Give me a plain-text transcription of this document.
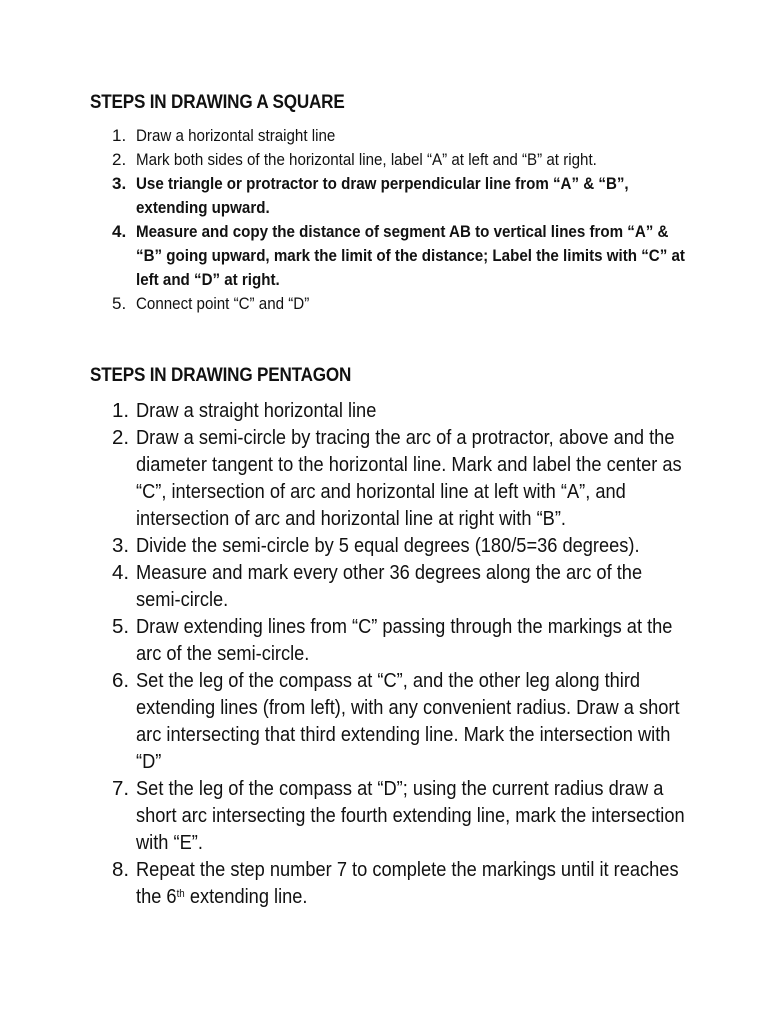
STEPS IN DRAWING A SQUARE
1. Draw a horizontal straight line
2. Mark both sides of the horizontal line, label “A” at left and “B” at right.
3. Use triangle or protractor to draw perpendicular line from “A” & “B”, extending upward.
4. Measure and copy the distance of segment AB to vertical lines from “A” & “B” going upward, mark the limit of the distance; Label the limits with “C” at left and “D” at right.
5. Connect point “C” and “D”
STEPS IN DRAWING PENTAGON
1. Draw a straight horizontal line
2. Draw a semi-circle by tracing the arc of a protractor, above and the diameter tangent to the horizontal line. Mark and label the center as “C”, intersection of arc and horizontal line at left with “A”, and intersection of arc and horizontal line at right with “B”.
3. Divide the semi-circle by 5 equal degrees (180/5=36 degrees).
4. Measure and mark every other 36 degrees along the arc of the semi-circle.
5. Draw extending lines from “C” passing through the markings at the arc of the semi-circle.
6. Set the leg of the compass at “C”, and the other leg along third extending lines (from left), with any convenient radius. Draw a short arc intersecting that third extending line. Mark the intersection with “D”
7. Set the leg of the compass at “D”; using the current radius draw a short arc intersecting the fourth extending line, mark the intersection with “E”.
8. Repeat the step number 7 to complete the markings until it reaches the 6th extending line.
